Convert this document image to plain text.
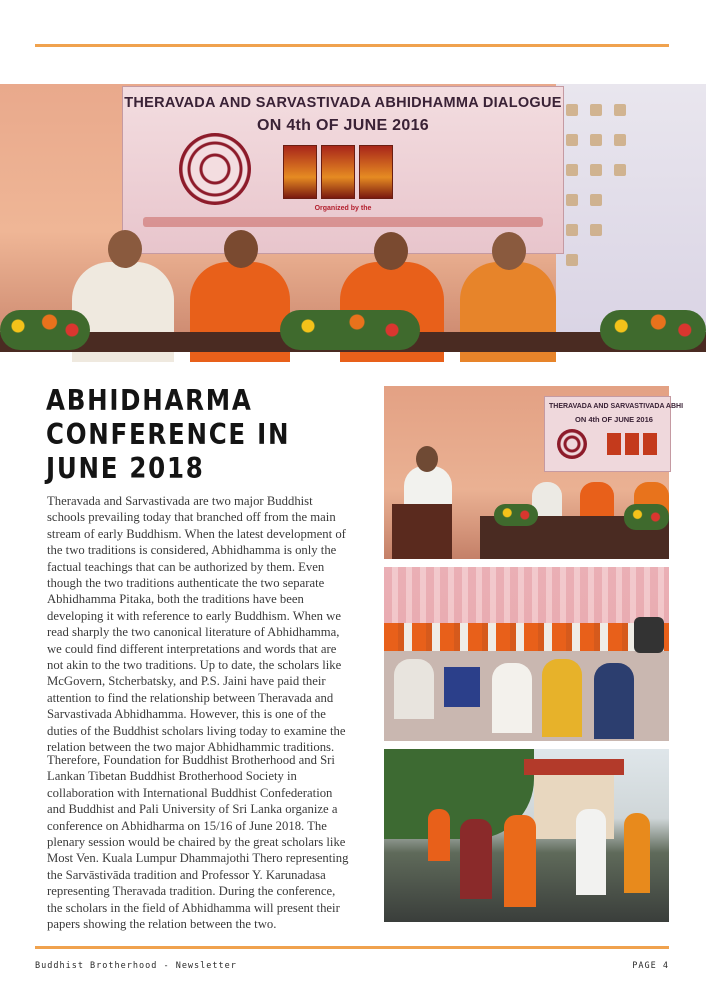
THERAVADA AND SARVASTIVADA ABHIDHAMMA DIALOGUE
ON 4th OF JUNE 2016
Organized by the
ABHIDHARMA CONFERENCE IN JUNE 2018

Theravada and Sarvastivada are two major Buddhist schools prevailing today that branched off from the main stream of early Buddhism. When the latest development of the two traditions is considered, Abhidhamma is only the factual teachings that can be authorized by them. Even though the two traditions authenticate the two separate Abhidhamma Pitaka, both the traditions have been developing it with reference to early Buddhism. When we read sharply the two canonical literature of Abhidhamma, we could find different interpretations and words that are not akin to the two traditions. Up to date, the scholars like McGovern, Stcherbatsky, and P.S. Jaini have paid their attention to find the relationship between Theravada and Sarvastivada Abhidhamma. However, this is one of the duties of the Buddhist scholars living today to examine the relation between the two major Abhidhammic traditions.

Therefore, Foundation for Buddhist Brotherhood and Sri Lankan Tibetan Buddhist Brotherhood Society in collaboration with International Buddhist Confederation and Buddhist and Pali University of Sri Lanka organize a conference on Abhidharma on 15/16 of June 2018. The plenary session would be chaired by the great scholars like Most Ven. Kuala Lumpur Dhammajothi Thero representing the Sarvāstivāda tradition and Professor Y. Karunadasa representing Theravada tradition. During the conference, the scholars in the field of Abhidhamma will present their papers showing the relation between the two.

THERAVADA AND SARVASTIVADA ABHI
ON 4th OF JUNE 2016
Buddhist Brotherhood - Newsletter	PAGE 4
